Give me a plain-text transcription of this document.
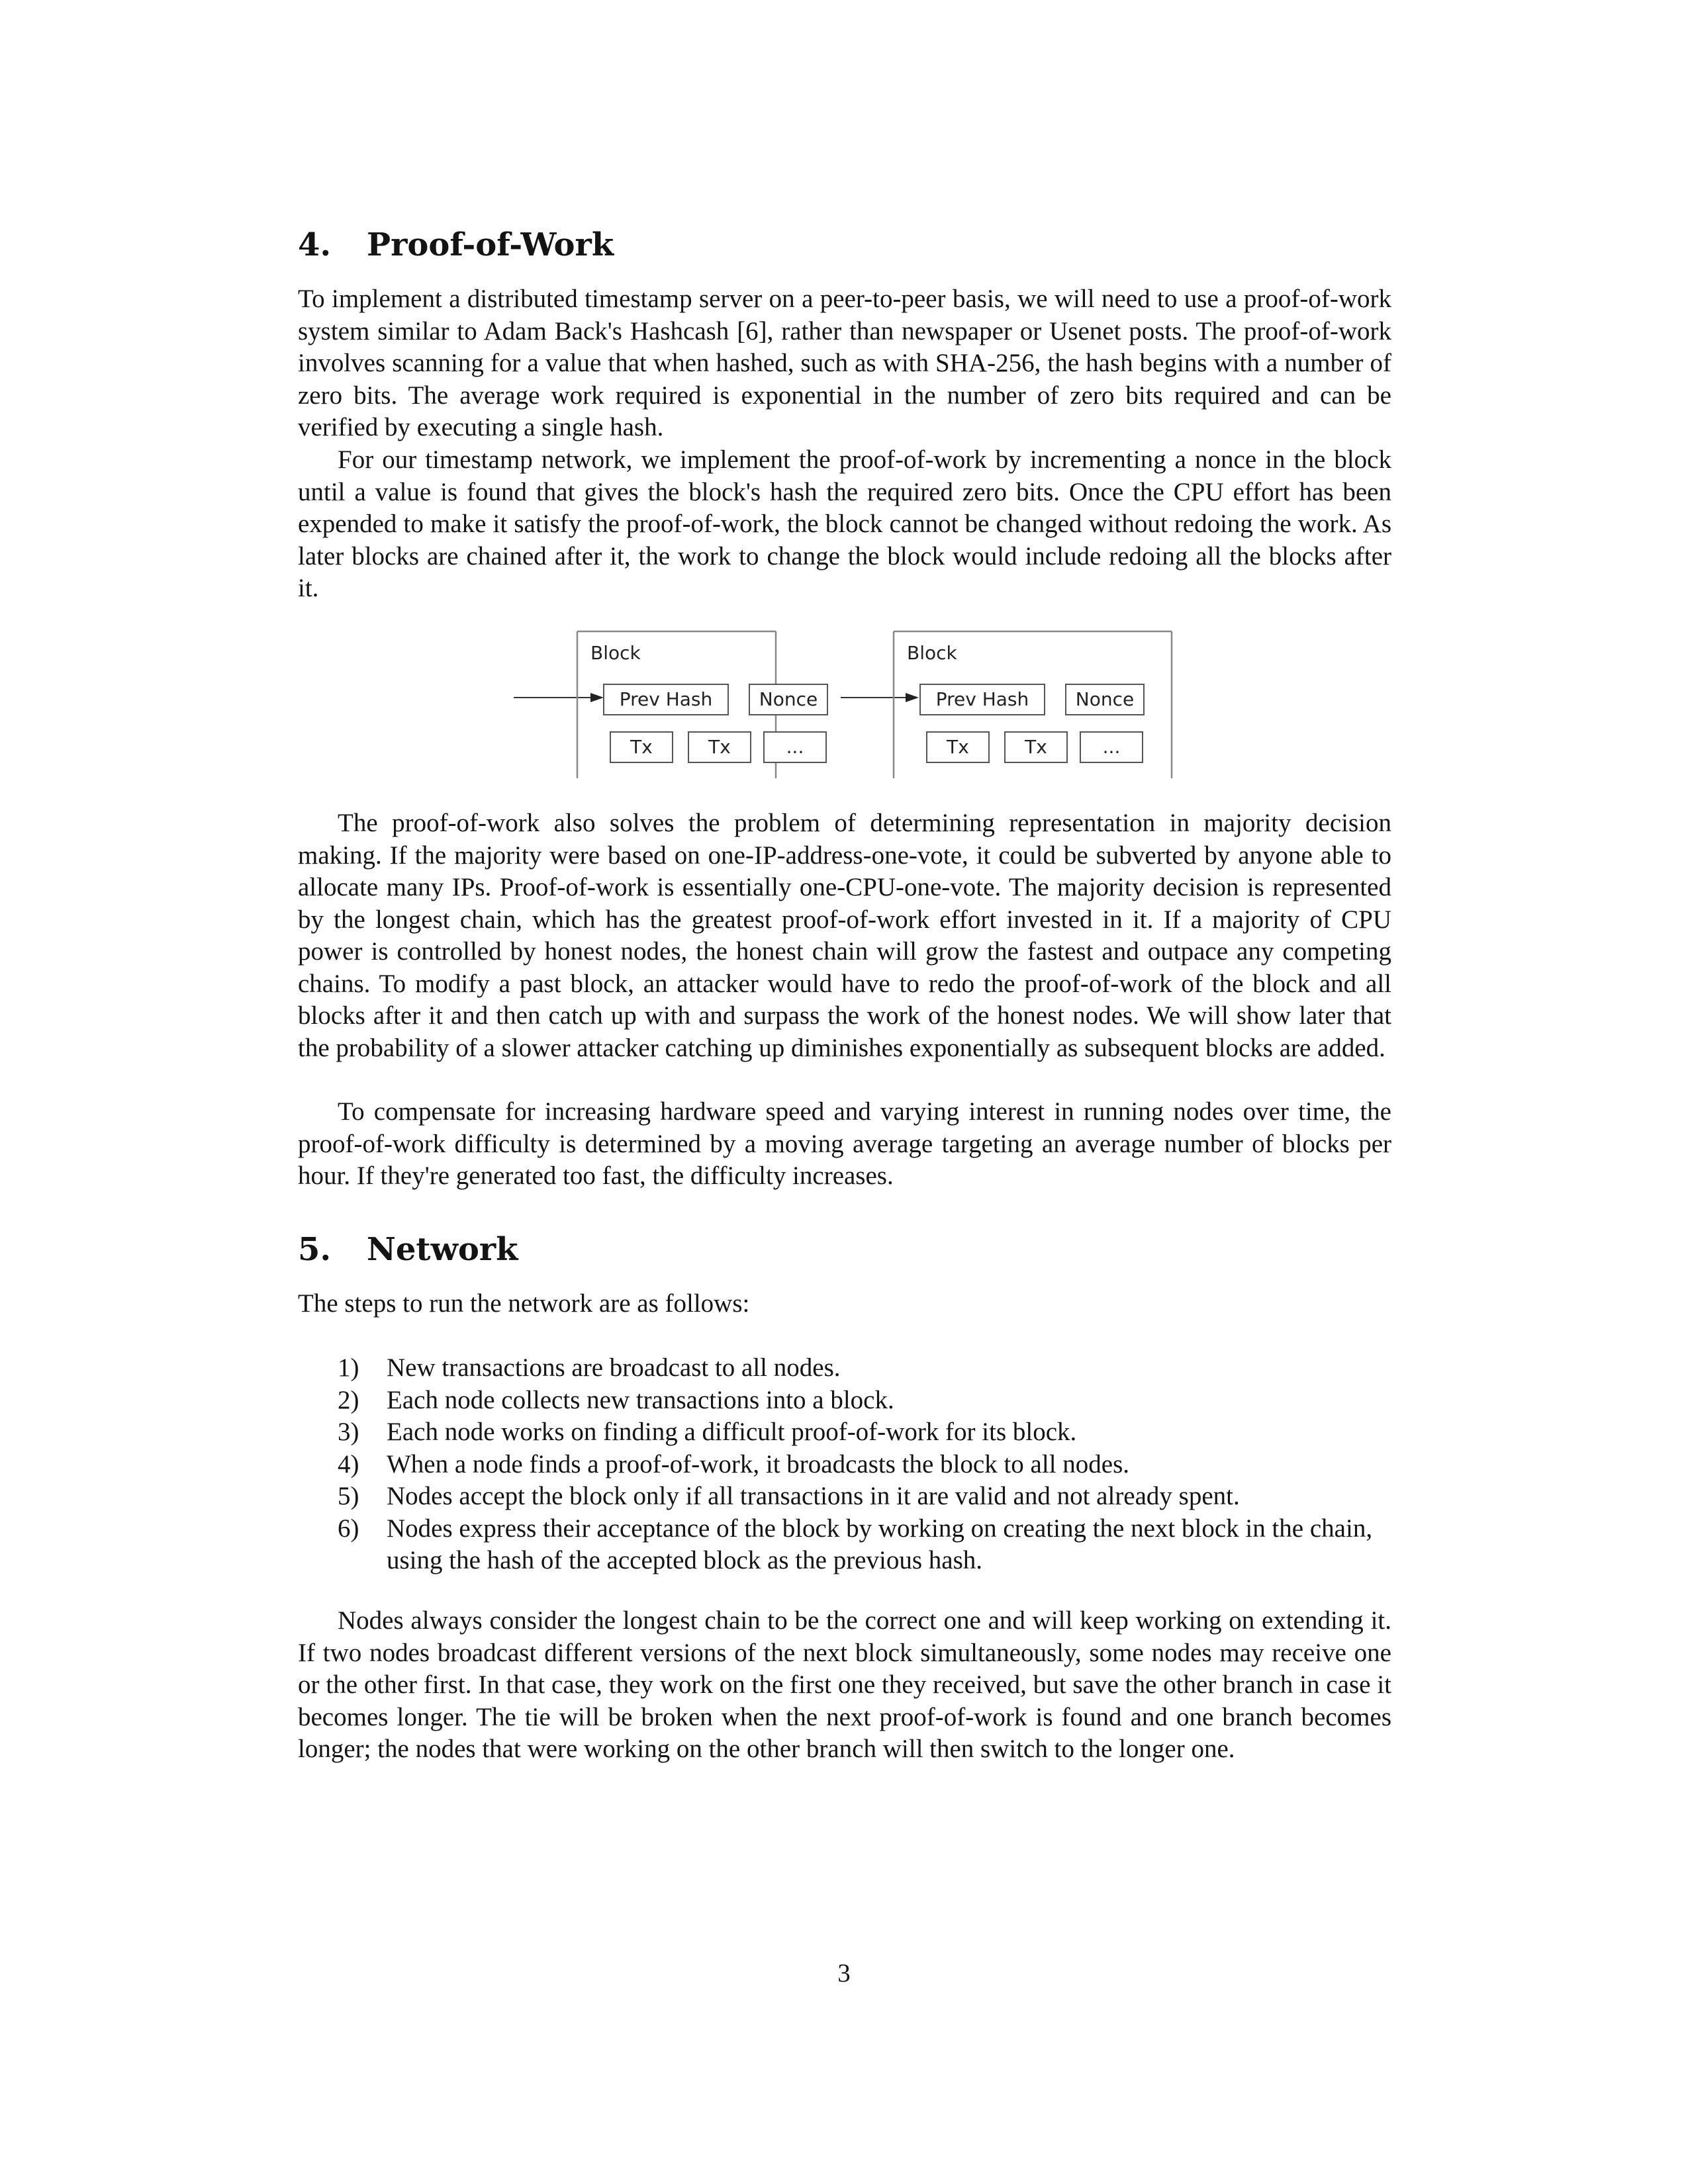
4. Proof-of-Work

To implement a distributed timestamp server on a peer-to-peer basis, we will need to use a proof-of-work system similar to Adam Back's Hashcash [6], rather than newspaper or Usenet posts. The proof-of-work involves scanning for a value that when hashed, such as with SHA-256, the hash begins with a number of zero bits. The average work required is exponential in the number of zero bits required and can be verified by executing a single hash.

For our timestamp network, we implement the proof-of-work by incrementing a nonce in the block until a value is found that gives the block's hash the required zero bits. Once the CPU effort has been expended to make it satisfy the proof-of-work, the block cannot be changed without redoing the work. As later blocks are chained after it, the work to change the block would include redoing all the blocks after it.

Block
Prev Hash	Nonce
Tx	Tx	...
Block
Prev Hash	Nonce
Tx	Tx	...

The proof-of-work also solves the problem of determining representation in majority decision making. If the majority were based on one-IP-address-one-vote, it could be subverted by anyone able to allocate many IPs. Proof-of-work is essentially one-CPU-one-vote. The majority decision is represented by the longest chain, which has the greatest proof-of-work effort invested in it. If a majority of CPU power is controlled by honest nodes, the honest chain will grow the fastest and outpace any competing chains. To modify a past block, an attacker would have to redo the proof-of-work of the block and all blocks after it and then catch up with and surpass the work of the honest nodes. We will show later that the probability of a slower attacker catching up diminishes exponentially as subsequent blocks are added.

To compensate for increasing hardware speed and varying interest in running nodes over time, the proof-of-work difficulty is determined by a moving average targeting an average number of blocks per hour. If they're generated too fast, the difficulty increases.

5. Network

The steps to run the network are as follows:

1)	New transactions are broadcast to all nodes.
2)	Each node collects new transactions into a block.
3)	Each node works on finding a difficult proof-of-work for its block.
4)	When a node finds a proof-of-work, it broadcasts the block to all nodes.
5)	Nodes accept the block only if all transactions in it are valid and not already spent.
6)	Nodes express their acceptance of the block by working on creating the next block in the chain, using the hash of the accepted block as the previous hash.

Nodes always consider the longest chain to be the correct one and will keep working on extending it. If two nodes broadcast different versions of the next block simultaneously, some nodes may receive one or the other first. In that case, they work on the first one they received, but save the other branch in case it becomes longer. The tie will be broken when the next proof-of-work is found and one branch becomes longer; the nodes that were working on the other branch will then switch to the longer one.

3
